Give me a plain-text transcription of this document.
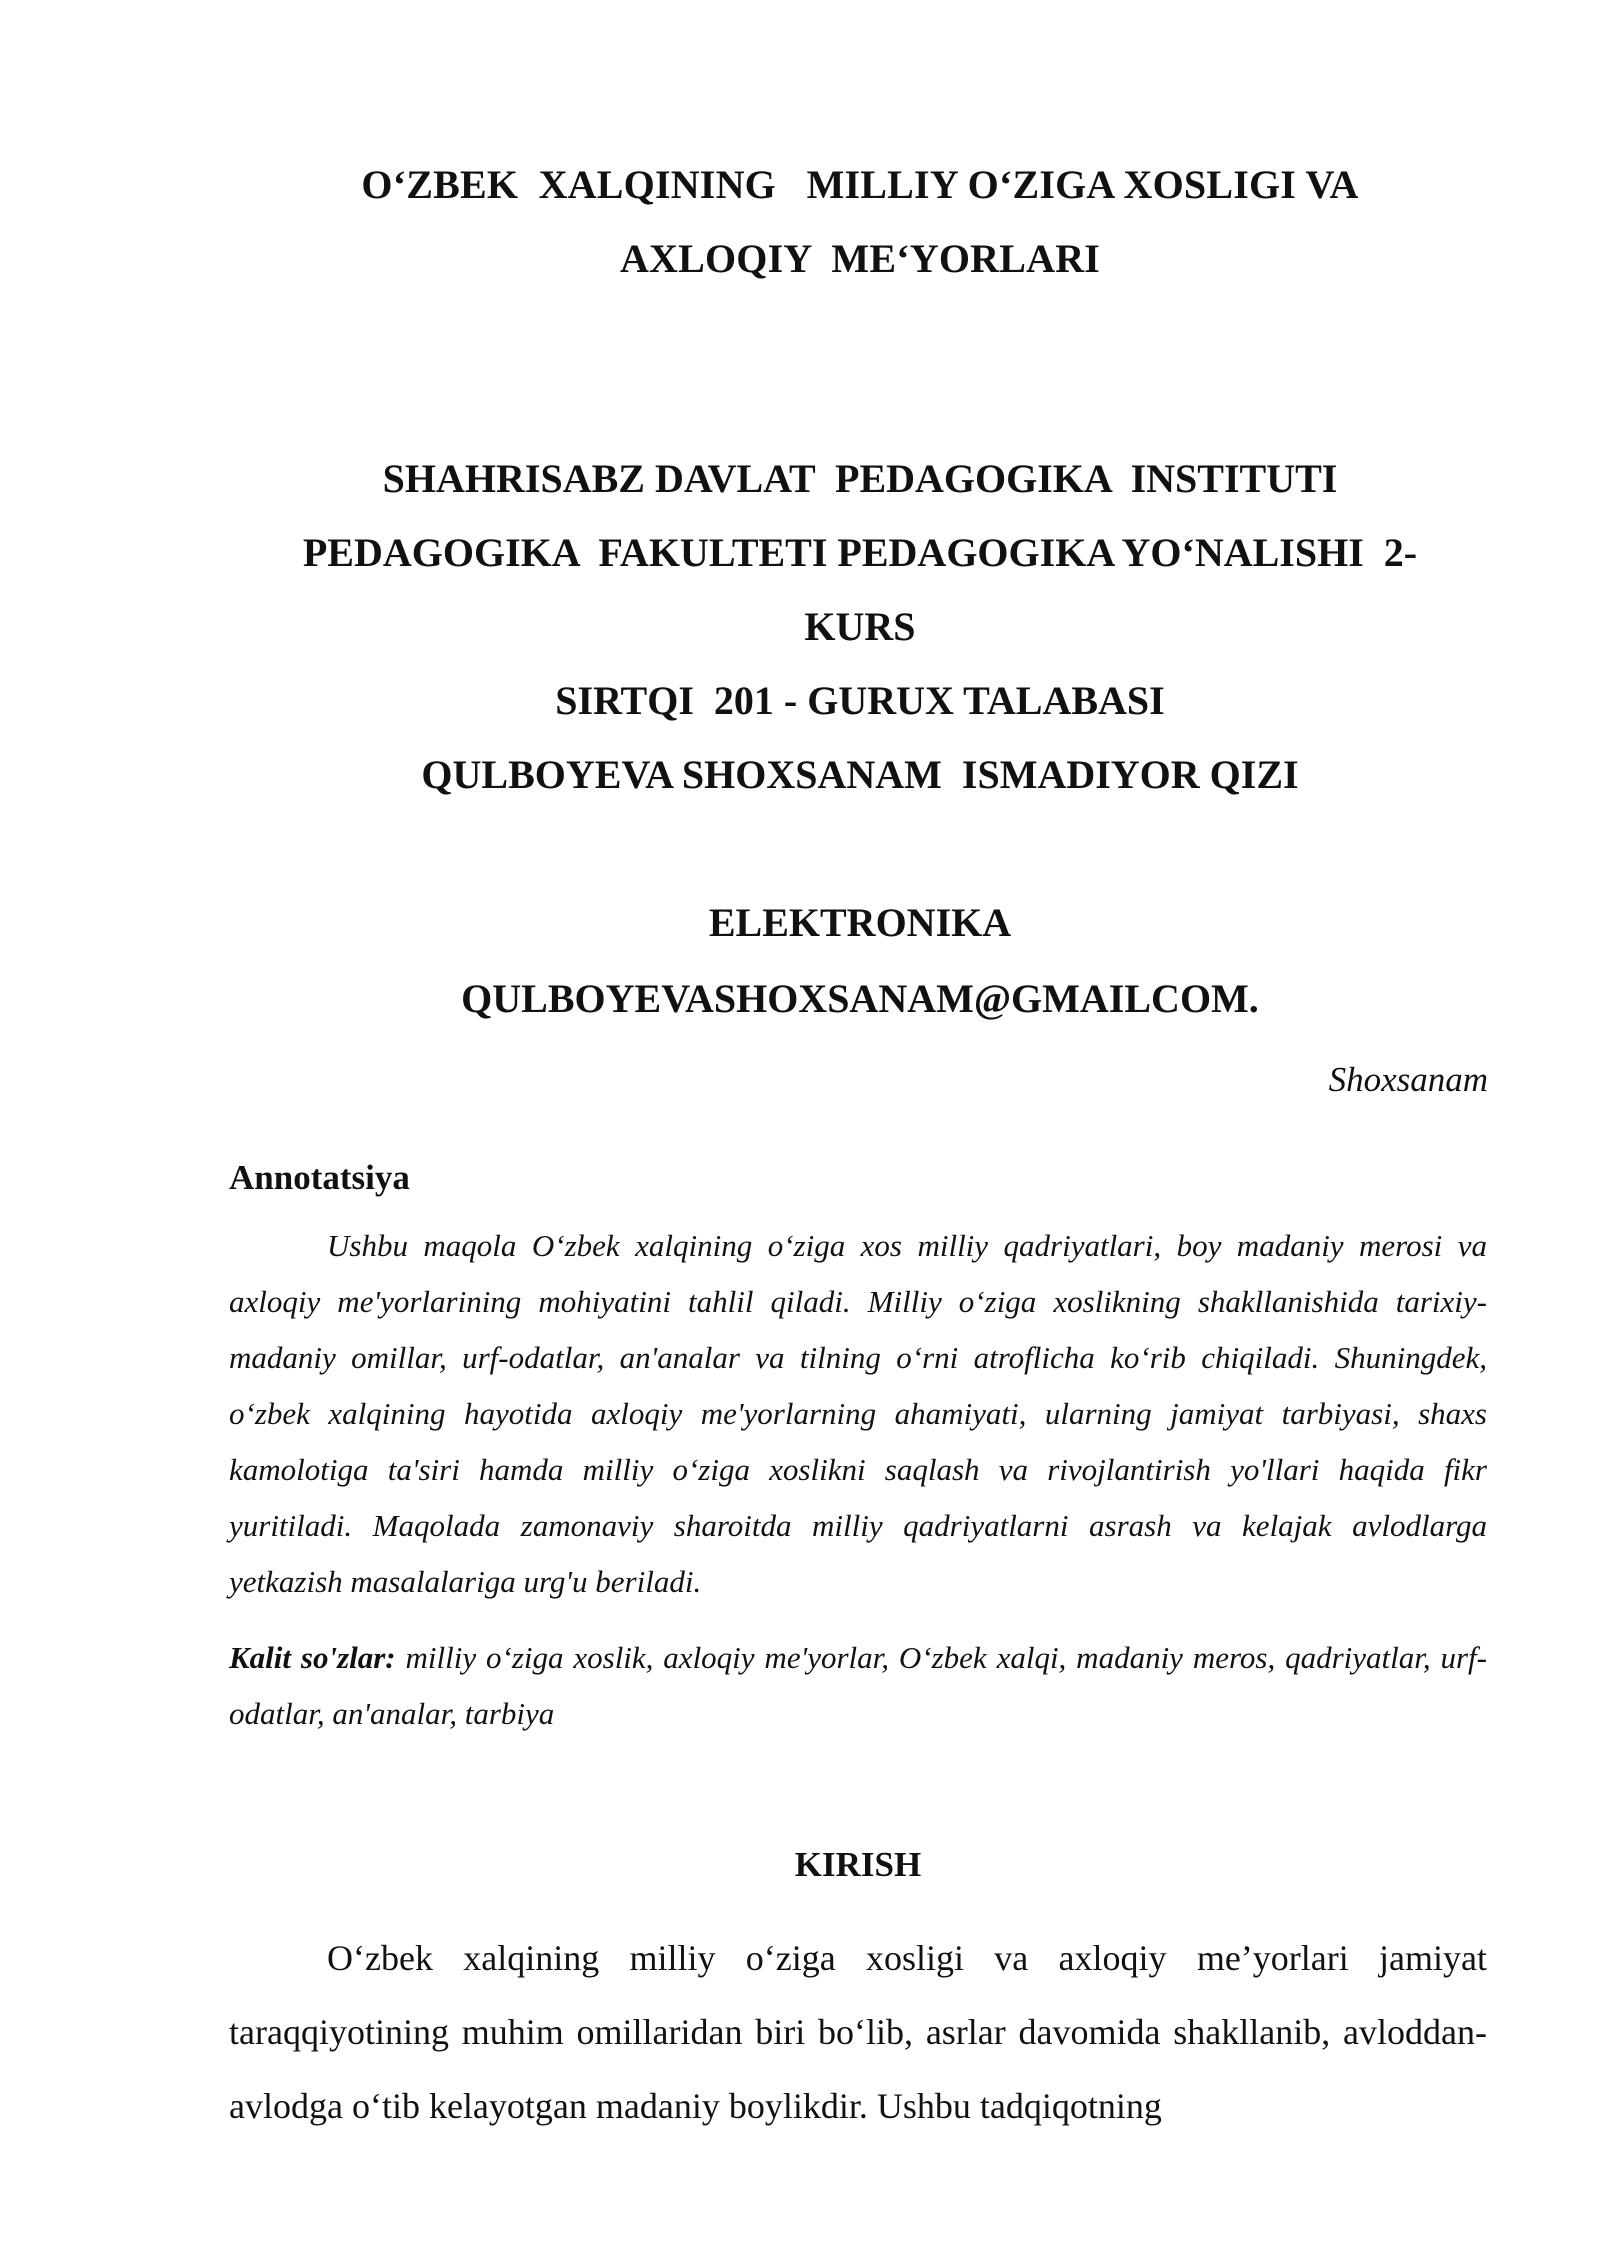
O‘ZBEK  XALQINING   MILLIY O‘ZIGA XOSLIGI VA
AXLOQIY  ME‘YORLARI
SHAHRISABZ DAVLAT  PEDAGOGIKA  INSTITUTI
PEDAGOGIKA  FAKULTETI PEDAGOGIKA YO‘NALISHI  2-
KURS
SIRTQI  201 - GURUX TALABASI
QULBOYEVA SHOXSANAM  ISMADIYOR QIZI
ELEKTRONIKA
QULBOYEVASHOXSANAM@GMAILCOM.
Shoxsanam
Annotatsiya

Ushbu maqola O‘zbek xalqining o‘ziga xos milliy qadriyatlari, boy madaniy merosi va axloqiy me'yorlarining mohiyatini tahlil qiladi. Milliy o‘ziga xoslikning shakllanishida tarixiy-madaniy omillar, urf-odatlar, an'analar va tilning o‘rni atroflicha ko‘rib chiqiladi. Shuningdek, o‘zbek xalqining hayotida axloqiy me'yorlarning ahamiyati, ularning jamiyat tarbiyasi, shaxs kamolotiga ta'siri hamda milliy o‘ziga xoslikni saqlash va rivojlantirish yo'llari haqida fikr yuritiladi. Maqolada zamonaviy sharoitda milliy qadriyatlarni asrash va kelajak avlodlarga yetkazish masalalariga urg'u beriladi.

Kalit so'zlar: milliy o‘ziga xoslik, axloqiy me'yorlar, O‘zbek xalqi, madaniy meros, qadriyatlar, urf-odatlar, an'analar, tarbiya

KIRISH

O‘zbek xalqining milliy o‘ziga xosligi va axloqiy me’yorlari jamiyat taraqqiyotining muhim omillaridan biri bo‘lib, asrlar davomida shakllanib, avloddan-avlodga o‘tib kelayotgan madaniy boylikdir. Ushbu tadqiqotning
